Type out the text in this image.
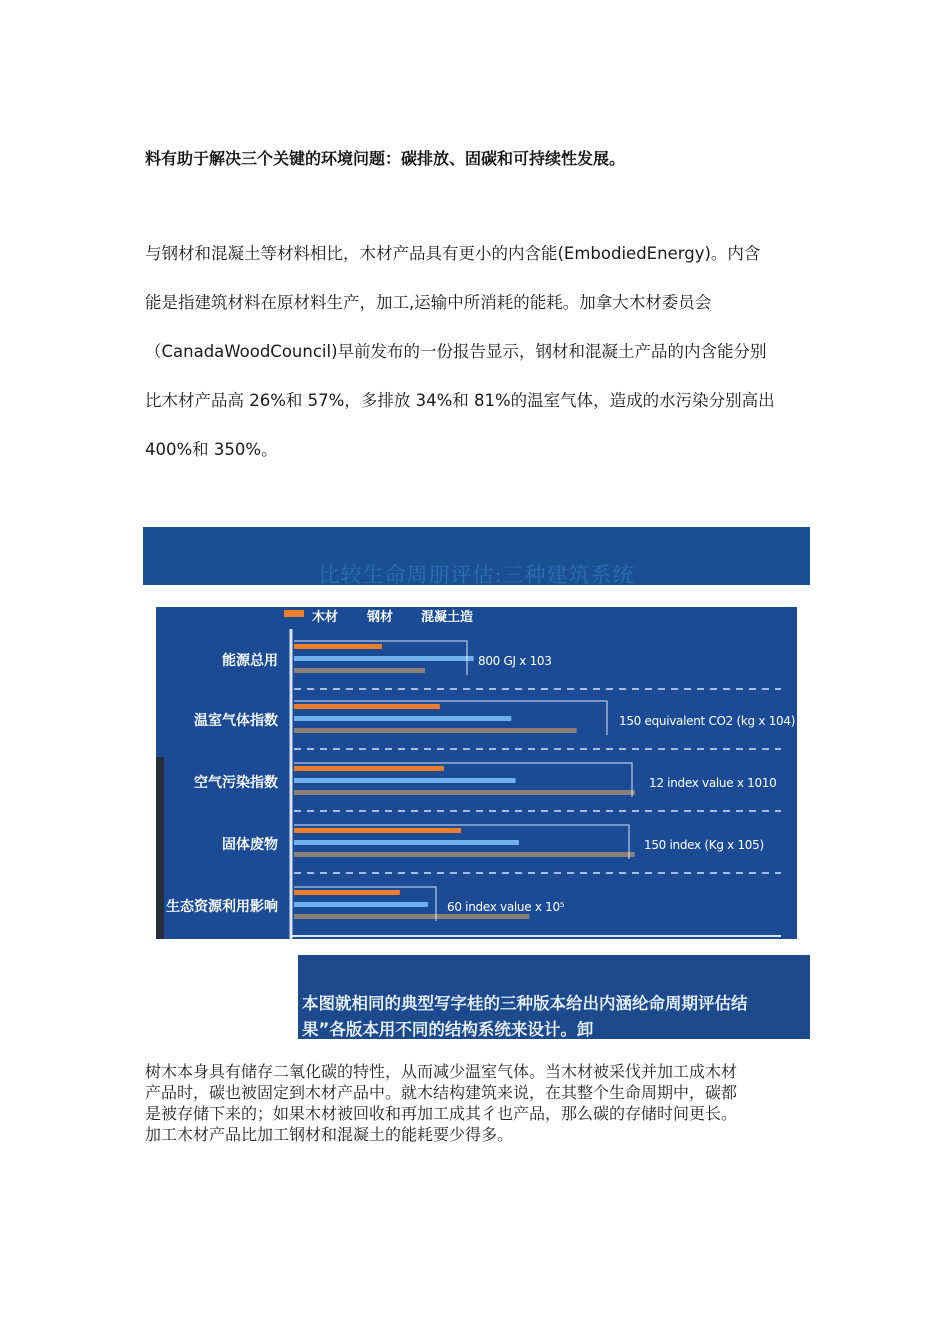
料有助于解决三个关键的环境问题：碳排放、固碳和可持续性发展。

与钢材和混凝土等材料相比，木材产品具有更小的内含能(EmbodiedEnergy)。内含

能是指建筑材料在原材料生产，加工,运输中所消耗的能耗。加拿大木材委员会

（CanadaWoodCouncil)早前发布的一份报告显示，钢材和混凝土产品的内含能分别

比木材产品高 26%和 57%，多排放 34%和 81%的温室气体，造成的水污染分别高出

400%和 350%。

比较生命周朋评估:三种建筑系统
木材 钢材 混凝土造
能源总用	800 GJ x 103
温室气体指数	150 equivalent CO2 (kg x 104)
空气污染指数	12 index value x 1010
固体废物	150 index (Kg x 105)
生态资源利用影响	60 index value x 10⁵
本图就相同的典型写字桂的三种版本给出内涵纶命周期评估结
果”各版本用不同的结构系统来设计。卸

树木本身具有储存二氧化碳的特性，从而减少温室气体。当木材被采伐并加工成木材

产品时，碳也被固定到木材产品中。就木结构建筑来说，在其整个生命周期中，碳都

是被存储下来的；如果木材被回收和再加工成其彳也产品，那么碳的存储时间更长。

加工木材产品比加工钢材和混凝土的能耗要少得多。
